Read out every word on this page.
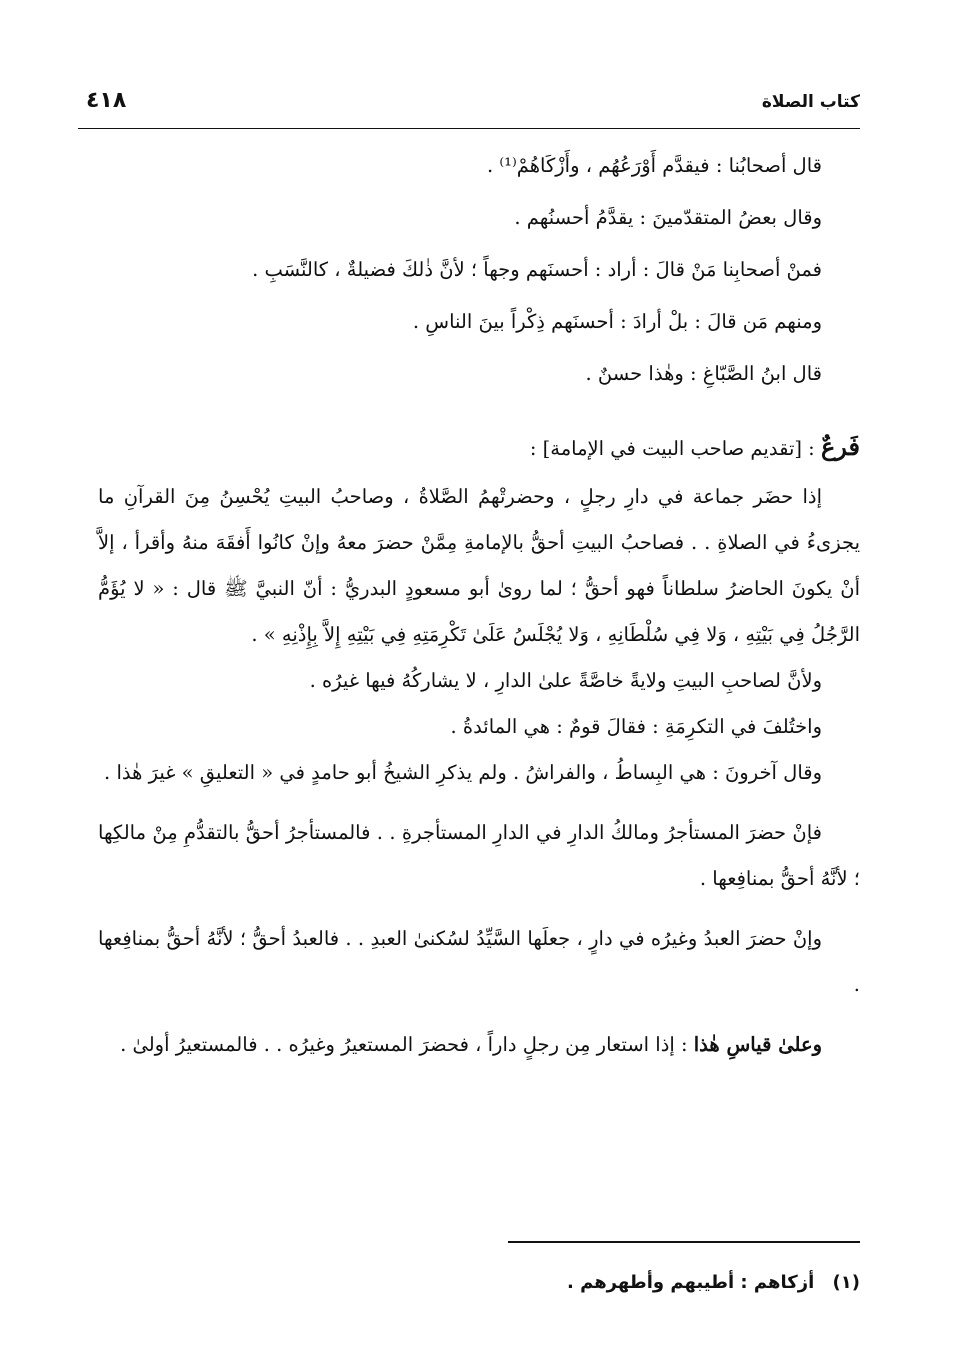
كتاب الصلاة
٤١٨

قال أصحابُنا : فيقدَّم أَوْرَعُهُم ، وأَزْكَاهُمْ⁽¹⁾ .

وقال بعضُ المتقدّمينَ : يقدَّمُ أحسنُهم .

فمنْ أصحابِنا مَنْ قالَ : أراد : أحسنَهم وجهاً ؛ لأنَّ ذٰلكَ فضيلةٌ ، كالنَّسَبِ .

ومنهم مَن قالَ : بلْ أرادَ : أحسنَهم ذِكْراً بينَ الناسِ .

قال ابنُ الصَّبّاغِ : وهٰذا حسنٌ .

فَرعٌ : [تقديم صاحب البيت في الإمامة] :

إذا حضَر جماعة في دارِ رجلٍ ، وحضرتْهمُ الصَّلاةُ ، وصاحبُ البيتِ يُحْسِنُ مِنَ القرآنِ ما يجزىءُ في الصلاةِ . . فصاحبُ البيتِ أحقُّ بالإمامةِ مِمَّنْ حضرَ معهُ وإنْ كانُوا أَفقَهَ منهُ وأقرأ ، إلاَّ أنْ يكونَ الحاضرُ سلطاناً فهو أحقُّ ؛ لما روىٰ أبو مسعودٍ البدريُّ : أنّ النبيَّ ﷺ قال : « لا يُؤَمُّ الرَّجُلُ فِي بَيْتِهِ ، وَلا فِي سُلْطَانِهِ ، وَلا يُجْلَسُ عَلَىٰ تَكْرِمَتِهِ فِي بَيْتِهِ إِلاَّ بِإِذْنِهِ » .

ولأنَّ لصاحبِ البيتِ ولايةً خاصَّةً علىٰ الدارِ ، لا يشاركُهُ فيها غيرُه .

واختُلفَ في التكرِمَةِ : فقالَ قومٌ : هي المائدةُ .

وقال آخرونَ : هي البِساطُ ، والفراشُ . ولم يذكرِ الشيخُ أبو حامدٍ في « التعليقِ » غيرَ هٰذا .

فإنْ حضرَ المستأجرُ ومالكُ الدارِ في الدارِ المستأجرةِ . . فالمستأجرُ أحقُّ بالتقدُّمِ مِنْ مالكِها ؛ لأنَّهُ أحقُّ بمنافِعها .

وإنْ حضرَ العبدُ وغيرُه في دارٍ ، جعلَها السَّيِّدُ لسُكنىٰ العبدِ . . فالعبدُ أحقُّ ؛ لأنَّهُ أحقُّ بمنافِعها .

وعلىٰ قياسِ هٰذا : إذا استعار مِن رجلٍ داراً ، فحضرَ المستعيرُ وغيرُه . . فالمستعيرُ أولىٰ .

(١) أزكاهم : أطيبهم وأطهرهم .
